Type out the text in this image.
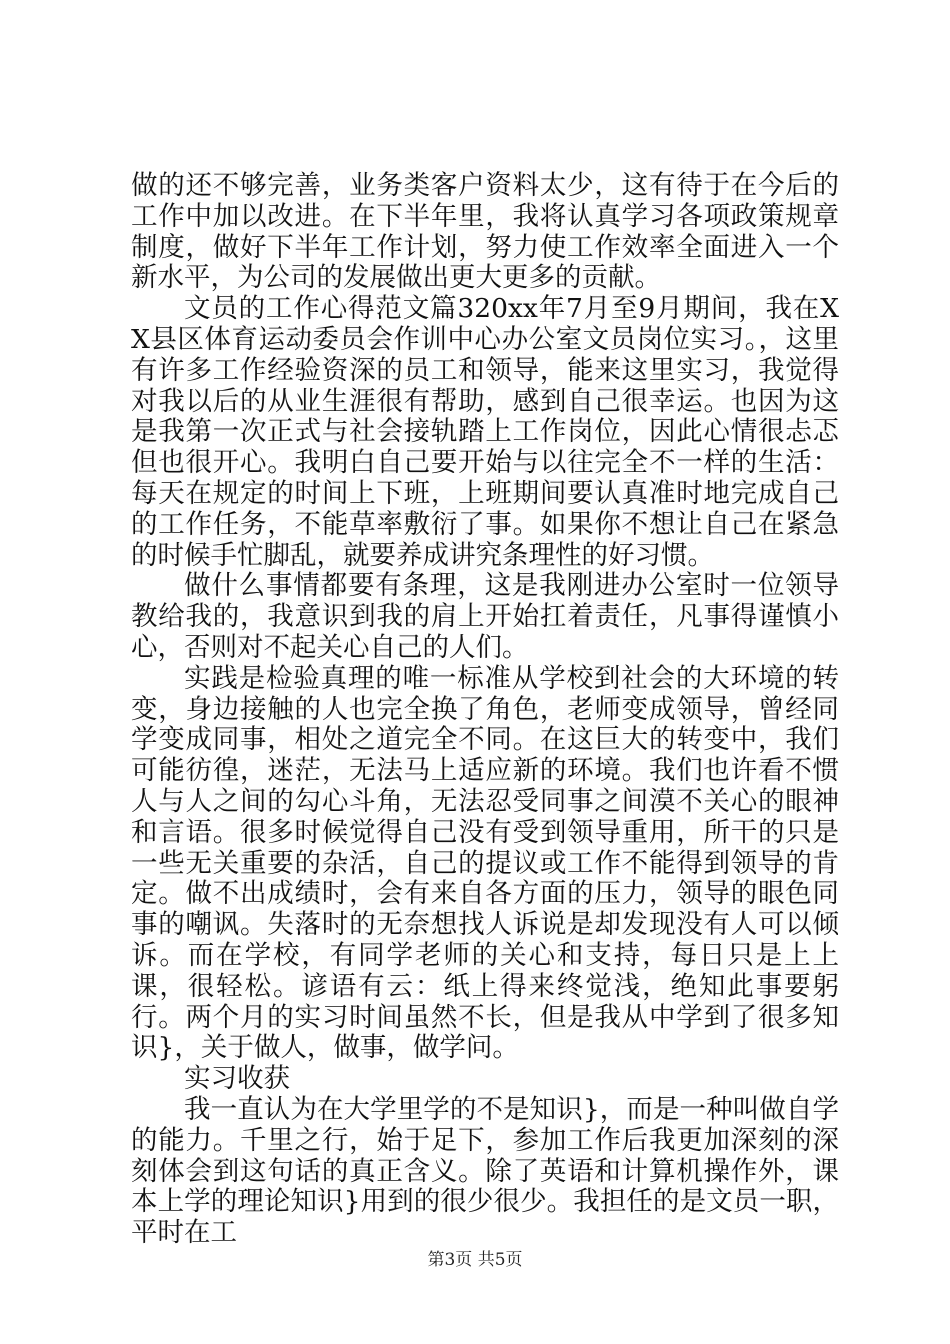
做的还不够完善，业务类客户资料太少，这有待于在今后的工作中加以改进。在下半年里，我将认真学习各项政策规章制度，做好下半年工作计划，努力使工作效率全面进入一个新水平，为公司的发展做出更大更多的贡献。

文员的工作心得范文篇320xx年7月至9月期间，我在XX县区体育运动委员会作训中心办公室文员岗位实习。，这里有许多工作经验资深的员工和领导，能来这里实习，我觉得对我以后的从业生涯很有帮助，感到自己很幸运。也因为这是我第一次正式与社会接轨踏上工作岗位，因此心情很忐忑但也很开心。我明白自己要开始与以往完全不一样的生活：每天在规定的时间上下班，上班期间要认真准时地完成自己的工作任务，不能草率敷衍了事。如果你不想让自己在紧急的时候手忙脚乱，就要养成讲究条理性的好习惯。

做什么事情都要有条理，这是我刚进办公室时一位领导教给我的，我意识到我的肩上开始扛着责任，凡事得谨慎小心，否则对不起关心自己的人们。

实践是检验真理的唯一标准从学校到社会的大环境的转变，身边接触的人也完全换了角色，老师变成领导，曾经同学变成同事，相处之道完全不同。在这巨大的转变中，我们可能彷徨，迷茫，无法马上适应新的环境。我们也许看不惯人与人之间的勾心斗角，无法忍受同事之间漠不关心的眼神和言语。很多时候觉得自己没有受到领导重用，所干的只是一些无关重要的杂活，自己的提议或工作不能得到领导的肯定。做不出成绩时，会有来自各方面的压力，领导的眼色同事的嘲讽。失落时的无奈想找人诉说是却发现没有人可以倾诉。而在学校，有同学老师的关心和支持，每日只是上上课，很轻松。谚语有云：纸上得来终觉浅，绝知此事要躬行。两个月的实习时间虽然不长，但是我从中学到了很多知识}，关于做人，做事，做学问。

实习收获

我一直认为在大学里学的不是知识}，而是一种叫做自学的能力。千里之行，始于足下，参加工作后我更加深刻的深刻体会到这句话的真正含义。除了英语和计算机操作外，课本上学的理论知识}用到的很少很少。我担任的是文员一职，平时在工

第3页 共5页
